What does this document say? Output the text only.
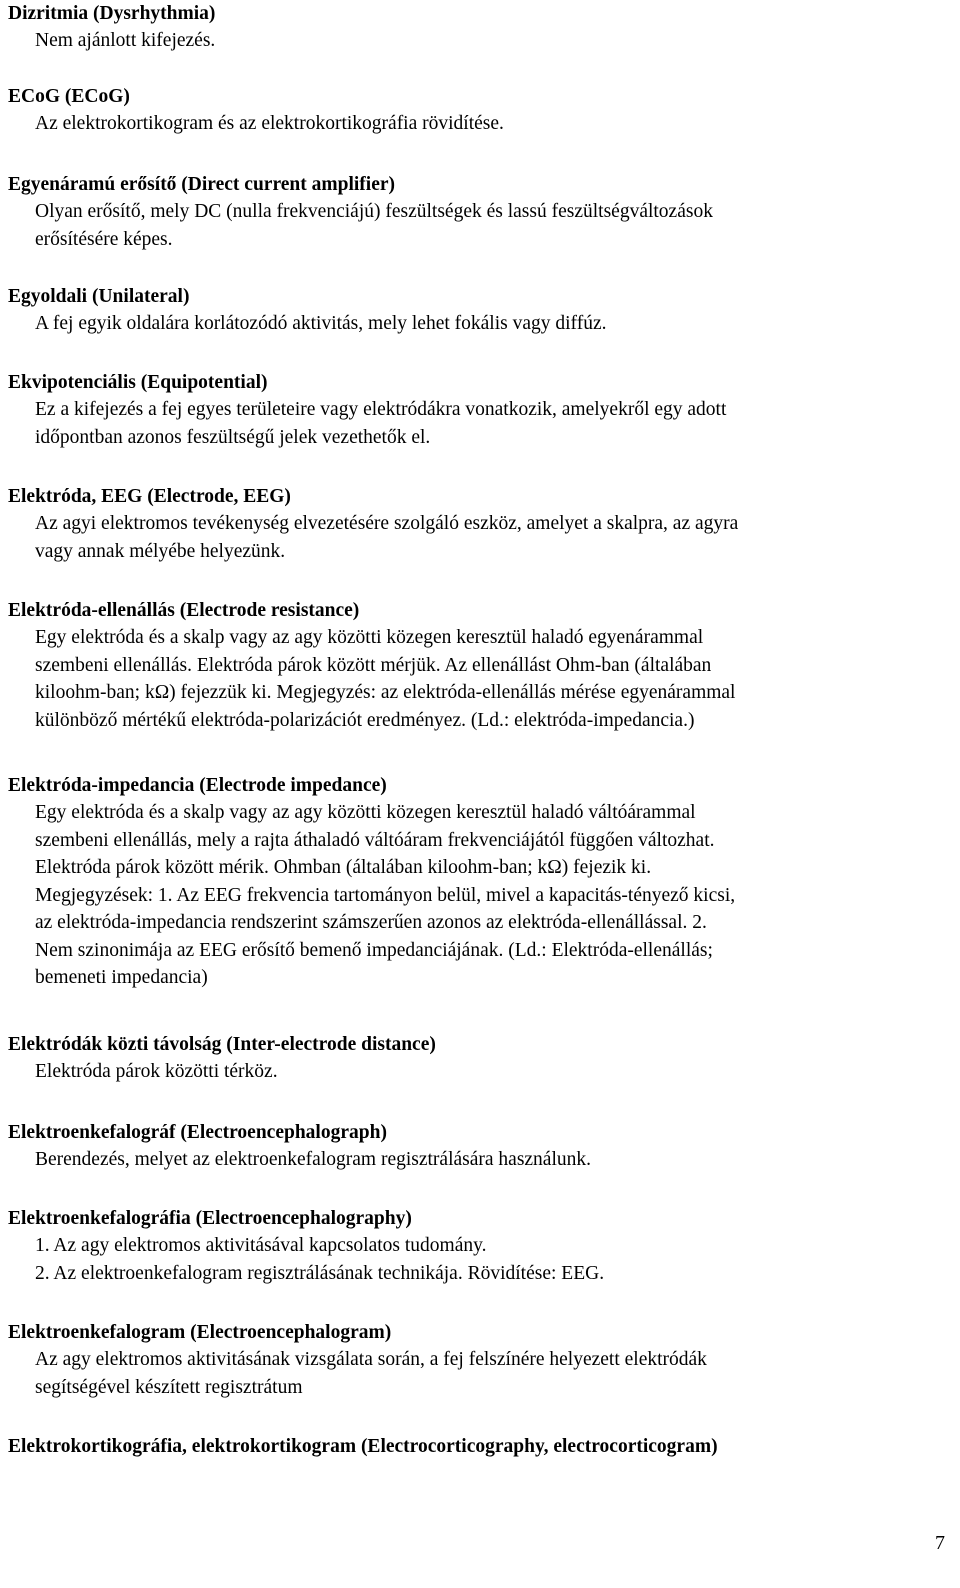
Dizritmia (Dysrhythmia)
Nem ajánlott kifejezés.
ECoG (ECoG)
Az elektrokortikogram és az elektrokortikográfia rövidítése.
Egyenáramú erősítő (Direct current amplifier)
Olyan erősítő, mely DC (nulla frekvenciájú) feszültségek és lassú feszültségváltozások
erősítésére képes.
Egyoldali (Unilateral)
A fej egyik oldalára korlátozódó aktivitás, mely lehet fokális vagy diffúz.
Ekvipotenciális (Equipotential)
Ez a kifejezés a fej egyes területeire vagy elektródákra vonatkozik, amelyekről egy adott
időpontban azonos feszültségű jelek vezethetők el.
Elektróda, EEG (Electrode, EEG)
Az agyi elektromos tevékenység elvezetésére szolgáló eszköz, amelyet a skalpra, az agyra
vagy annak mélyébe helyezünk.
Elektróda-ellenállás (Electrode resistance)
Egy elektróda és a skalp vagy az agy közötti közegen keresztül haladó egyenárammal
szembeni ellenállás. Elektróda párok között mérjük. Az ellenállást Ohm-ban (általában
kiloohm-ban; kΩ) fejezzük ki. Megjegyzés: az elektróda-ellenállás mérése egyenárammal
különböző mértékű elektróda-polarizációt eredményez. (Ld.: elektróda-impedancia.)
Elektróda-impedancia (Electrode impedance)
Egy elektróda és a skalp vagy az agy közötti közegen keresztül haladó váltóárammal
szembeni ellenállás, mely a rajta áthaladó váltóáram frekvenciájától függően változhat.
Elektróda párok között mérik. Ohmban (általában kiloohm-ban; kΩ) fejezik ki.
Megjegyzések: 1. Az EEG frekvencia tartományon belül, mivel a kapacitás-tényező kicsi,
az elektróda-impedancia rendszerint számszerűen azonos az elektróda-ellenállással. 2.
Nem szinonimája az EEG erősítő bemenő impedanciájának. (Ld.: Elektróda-ellenállás;
bemeneti impedancia)
Elektródák közti távolság (Inter-electrode distance)
Elektróda párok közötti térköz.
Elektroenkefalográf (Electroencephalograph)
Berendezés, melyet az elektroenkefalogram regisztrálására használunk.
Elektroenkefalográfia (Electroencephalography)
1. Az agy elektromos aktivitásával kapcsolatos tudomány.
2. Az elektroenkefalogram regisztrálásának technikája. Rövidítése: EEG.
Elektroenkefalogram (Electroencephalogram)
Az agy elektromos aktivitásának vizsgálata során, a fej felszínére helyezett elektródák
segítségével készített regisztrátum
Elektrokortikográfia, elektrokortikogram (Electrocorticography, electrocorticogram)
7
